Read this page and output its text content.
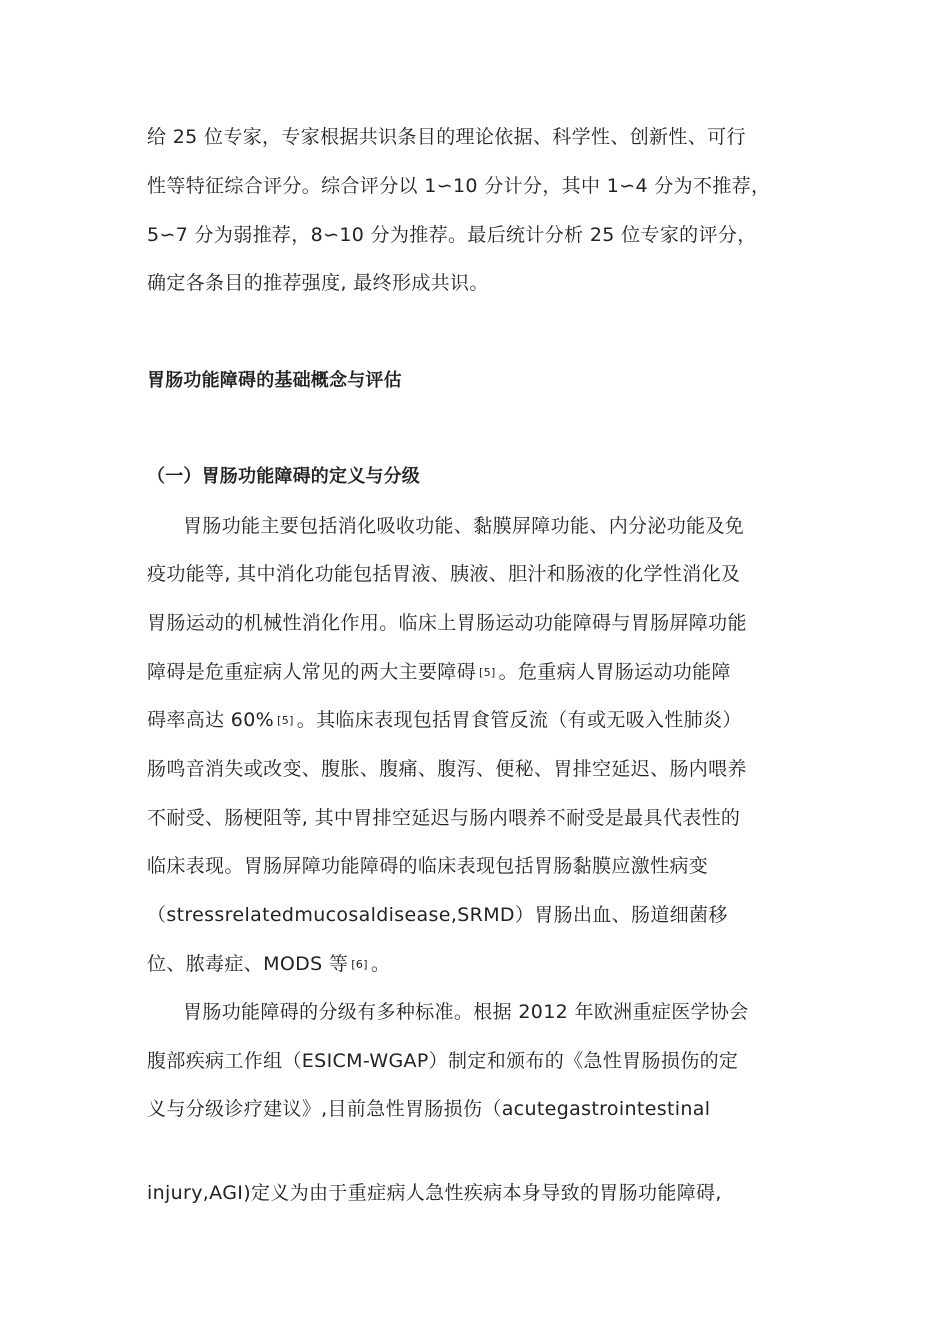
给 25 位专家，专家根据共识条目的理论依据、科学性、创新性、可行
性等特征综合评分。综合评分以 1∽10 分计分，其中 1∽4 分为不推荐，
5∽7 分为弱推荐，8∽10 分为推荐。最后统计分析 25 位专家的评分，
确定各条目的推荐强度, 最终形成共识。
胃肠功能障碍的基础概念与评估
（一）胃肠功能障碍的定义与分级
胃肠功能主要包括消化吸收功能、黏膜屏障功能、内分泌功能及免
疫功能等, 其中消化功能包括胃液、胰液、胆汁和肠液的化学性消化及
胃肠运动的机械性消化作用。临床上胃肠运动功能障碍与胃肠屏障功能
障碍是危重症病人常见的两大主要障碍 [5] 。危重病人胃肠运动功能障
碍率高达 60% [5] 。其临床表现包括胃食管反流（有或无吸入性肺炎）
肠鸣音消失或改变、腹胀、腹痛、腹泻、便秘、胃排空延迟、肠内喂养
不耐受、肠梗阻等, 其中胃排空延迟与肠内喂养不耐受是最具代表性的
临床表现。胃肠屏障功能障碍的临床表现包括胃肠黏膜应激性病变
（stressrelatedmucosaldisease,SRMD）胃肠出血、肠道细菌移
位、脓毒症、MODS 等 [6] 。
胃肠功能障碍的分级有多种标准。根据 2012 年欧洲重症医学协会
腹部疾病工作组（ESICM-WGAP）制定和颁布的《急性胃肠损伤的定
义与分级诊疗建议》,目前急性胃肠损伤（acutegastrointestinal
injury,AGI)定义为由于重症病人急性疾病本身导致的胃肠功能障碍,
